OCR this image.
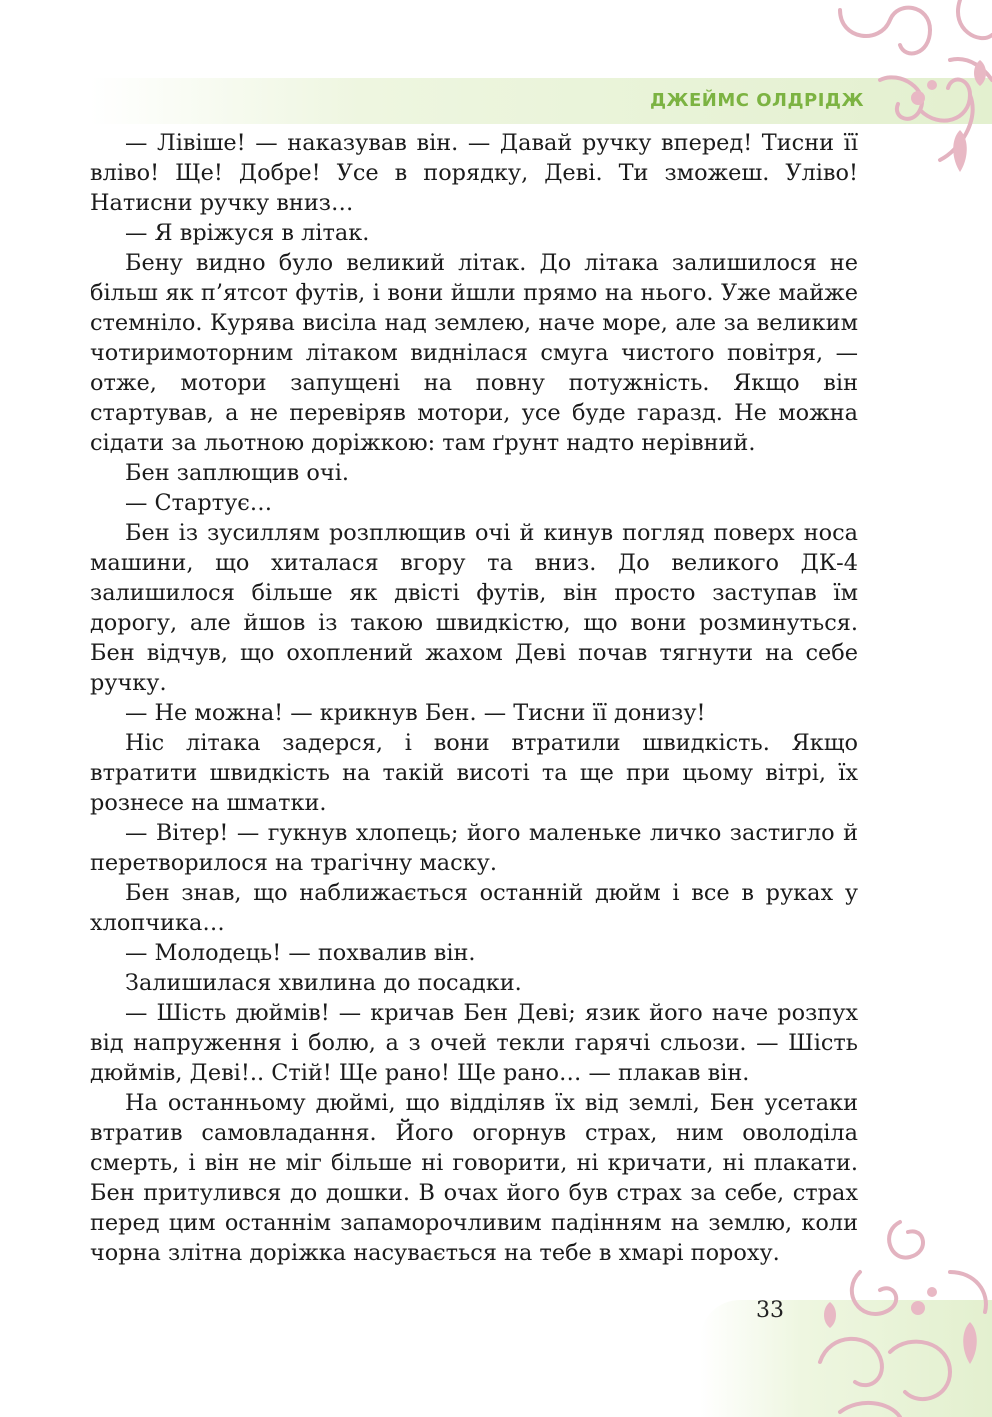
ДЖЕЙМС ОЛДРІДЖ

— Лівіше! — наказував він. — Давай ручку вперед! Тисни її вліво! Ще! Добре! Усе в порядку, Деві. Ти зможеш. Уліво! Натисни ручку вниз…

— Я вріжуся в літак.

Бену видно було великий літак. До літака залишилося не більш як п’ятсот футів, і вони йшли прямо на нього. Уже майже стемніло. Курява висіла над землею, наче море, але за великим чотиримоторним літаком виднілася смуга чистого повітря, — отже, мотори запущені на повну потужність. Якщо він стартував, а не перевіряв мотори, усе буде гаразд. Не можна сідати за льотною доріжкою: там ґрунт надто нерівний.

Бен заплющив очі.

— Стартує…

Бен із зусиллям розплющив очі й кинув погляд поверх носа машини, що хиталася вгору та вниз. До великого ДК-4 залишилося більше як двісті футів, він просто заступав їм дорогу, але йшов із такою швидкістю, що вони розминуться. Бен відчув, що охоплений жахом Деві почав тягнути на себе ручку.

— Не можна! — крикнув Бен. — Тисни її донизу!

Ніс літака задерся, і вони втратили швидкість. Якщо втратити швидкість на такій висоті та ще при цьому вітрі, їх рознесе на шматки.

— Вітер! — гукнув хлопець; його маленьке личко застигло й перетворилося на трагічну маску.

Бен знав, що наближається останній дюйм і все в руках у хлопчика…

— Молодець! — похвалив він.

Залишилася хвилина до посадки.

— Шість дюймів! — кричав Бен Деві; язик його наче розпух від напруження і болю, а з очей текли гарячі сльози. — Шість дюймів, Деві!.. Стій! Ще рано! Ще рано… — плакав він.

На останньому дюймі, що відділяв їх від землі, Бен усетаки втратив самовладання. Його огорнув страх, ним оволоділа смерть, і він не міг більше ні говорити, ні кричати, ні плакати. Бен притулився до дошки. В очах його був страх за себе, страх перед цим останнім запаморочливим падінням на землю, коли чорна злітна доріжка насувається на тебе в хмарі пороху.

33
